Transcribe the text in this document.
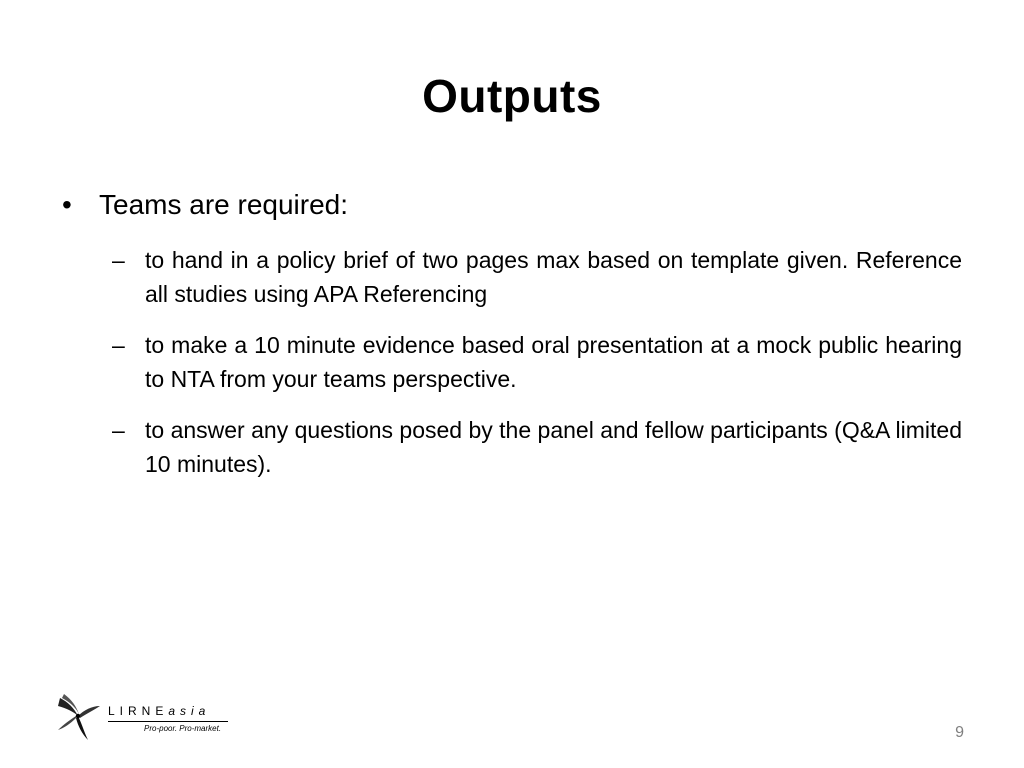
Outputs
• Teams are required:
– to hand in a policy brief of two pages max based on template given. Reference all studies using APA Referencing
– to make a 10 minute evidence based oral presentation at a mock public hearing to NTA from your teams perspective.
– to answer any questions posed by the panel and fellow participants (Q&A limited 10 minutes).
LIRNEasia
Pro-poor. Pro-market.	9
